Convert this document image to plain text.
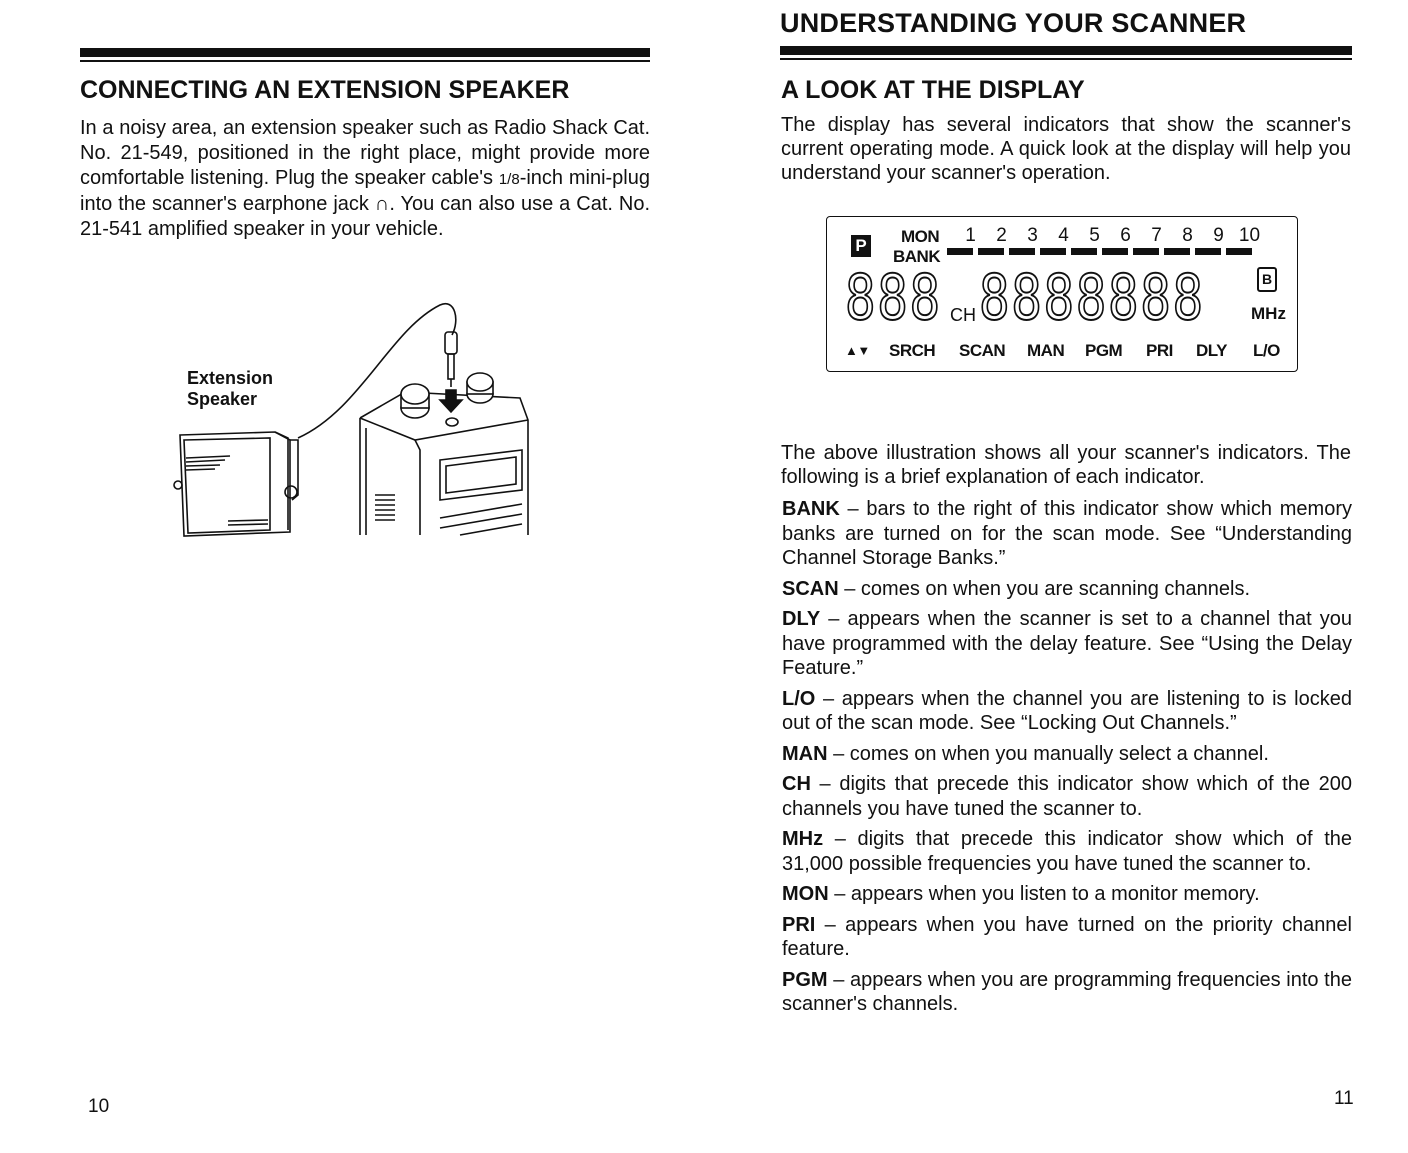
CONNECTING AN EXTENSION SPEAKER

In a noisy area, an extension speaker such as Radio Shack Cat. No. 21-549, positioned in the right place, might provide more comfortable listening. Plug the speaker cable's 1/8-inch mini-plug into the scanner's earphone jack ∩. You can also use a Cat. No. 21-541 amplified speaker in your vehicle.

Extension
Speaker
10
UNDERSTANDING YOUR SCANNER
A LOOK AT THE DISPLAY

The display has several indicators that show the scanner's current operating mode. A quick look at the display will help you understand your scanner's operation.

P MON
BANK
1 2 3 4 5 6 7 8 9 10
888 CH 8888888	B
MHz
▲▼ SRCH SCAN MAN PGM PRI DLY L/O

The above illustration shows all your scanner's indicators. The following is a brief explanation of each indicator.

BANK – bars to the right of this indicator show which memory banks are turned on for the scan mode. See “Understanding Channel Storage Banks.”

SCAN – comes on when you are scanning channels.

DLY – appears when the scanner is set to a channel that you have programmed with the delay feature. See “Using the Delay Feature.”

L/O – appears when the channel you are listening to is locked out of the scan mode. See “Locking Out Channels.”

MAN – comes on when you manually select a channel.

CH – digits that precede this indicator show which of the 200 channels you have tuned the scanner to.

MHz – digits that precede this indicator show which of the 31,000 possible frequencies you have tuned the scanner to.

MON – appears when you listen to a monitor memory.

PRI – appears when you have turned on the priority channel feature.

PGM – appears when you are programming frequencies into the scanner's channels.

11
